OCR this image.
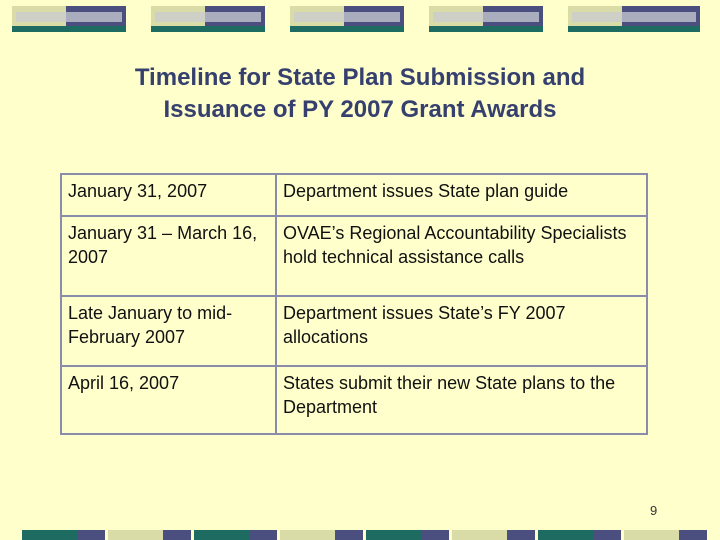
Timeline for State Plan Submission and
Issuance of PY 2007 Grant Awards
January 31, 2007	Department issues State plan guide
January 31 – March 16, 2007
OVAE’s Regional Accountability Specialists hold technical assistance calls
Late January to mid-February 2007
Department issues State’s FY 2007 allocations
April 16, 2007	States submit their new State plans to the Department
9
